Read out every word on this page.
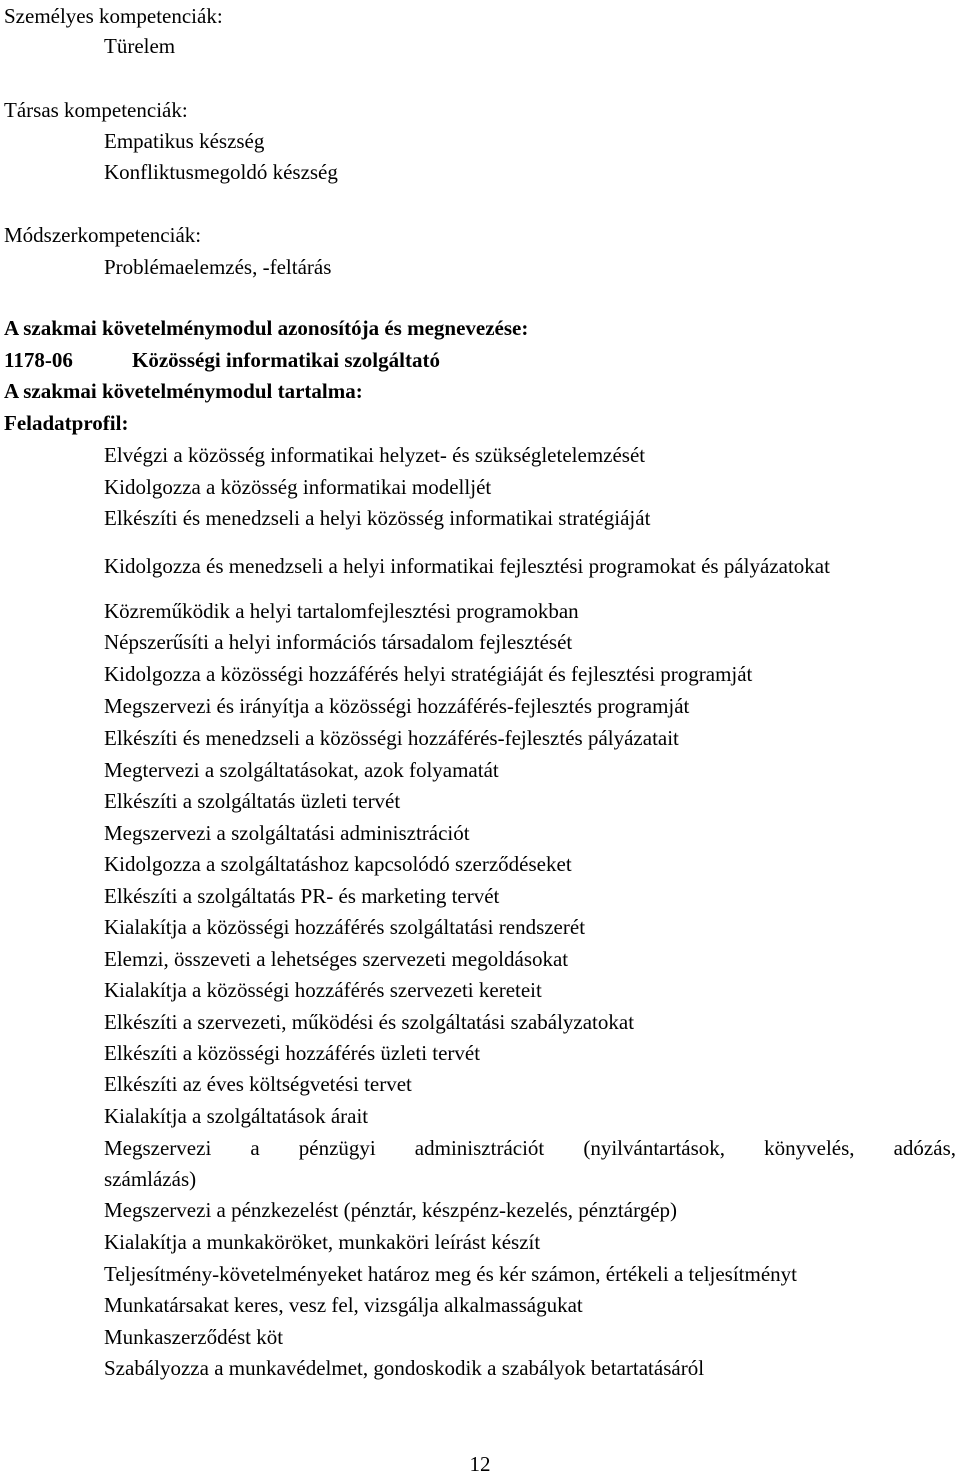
Személyes kompetenciák:
Türelem
Társas kompetenciák:
Empatikus készség
Konfliktusmegoldó készség
Módszerkompetenciák:
Problémaelemzés, -feltárás
A szakmai követelménymodul azonosítója és megnevezése:
1178-06	Közösségi informatikai szolgáltató
A szakmai követelménymodul tartalma:
Feladatprofil:
Elvégzi a közösség informatikai helyzet- és szükségletelemzését
Kidolgozza a közösség informatikai modelljét
Elkészíti és menedzseli a helyi közösség informatikai stratégiáját
Kidolgozza és menedzseli a helyi informatikai fejlesztési programokat és pályázatokat
Közreműködik a helyi tartalomfejlesztési programokban
Népszerűsíti a helyi információs társadalom fejlesztését
Kidolgozza a közösségi hozzáférés helyi stratégiáját és fejlesztési programját
Megszervezi és irányítja a közösségi hozzáférés-fejlesztés programját
Elkészíti és menedzseli a közösségi hozzáférés-fejlesztés pályázatait
Megtervezi a szolgáltatásokat, azok folyamatát
Elkészíti a szolgáltatás üzleti tervét
Megszervezi a szolgáltatási adminisztrációt
Kidolgozza a szolgáltatáshoz kapcsolódó szerződéseket
Elkészíti a szolgáltatás PR- és marketing tervét
Kialakítja a közösségi hozzáférés szolgáltatási rendszerét
Elemzi, összeveti a lehetséges szervezeti megoldásokat
Kialakítja a közösségi hozzáférés szervezeti kereteit
Elkészíti a szervezeti, működési és szolgáltatási szabályzatokat
Elkészíti a közösségi hozzáférés üzleti tervét
Elkészíti az éves költségvetési tervet
Kialakítja a szolgáltatások árait
Megszervezi a pénzügyi adminisztrációt (nyilvántartások, könyvelés, adózás,
számlázás)
Megszervezi a pénzkezelést (pénztár, készpénz-kezelés, pénztárgép)
Kialakítja a munkaköröket, munkaköri leírást készít
Teljesítmény-követelményeket határoz meg és kér számon, értékeli a teljesítményt
Munkatársakat keres, vesz fel, vizsgálja alkalmasságukat
Munkaszerződést köt
Szabályozza a munkavédelmet, gondoskodik a szabályok betartatásáról
12
